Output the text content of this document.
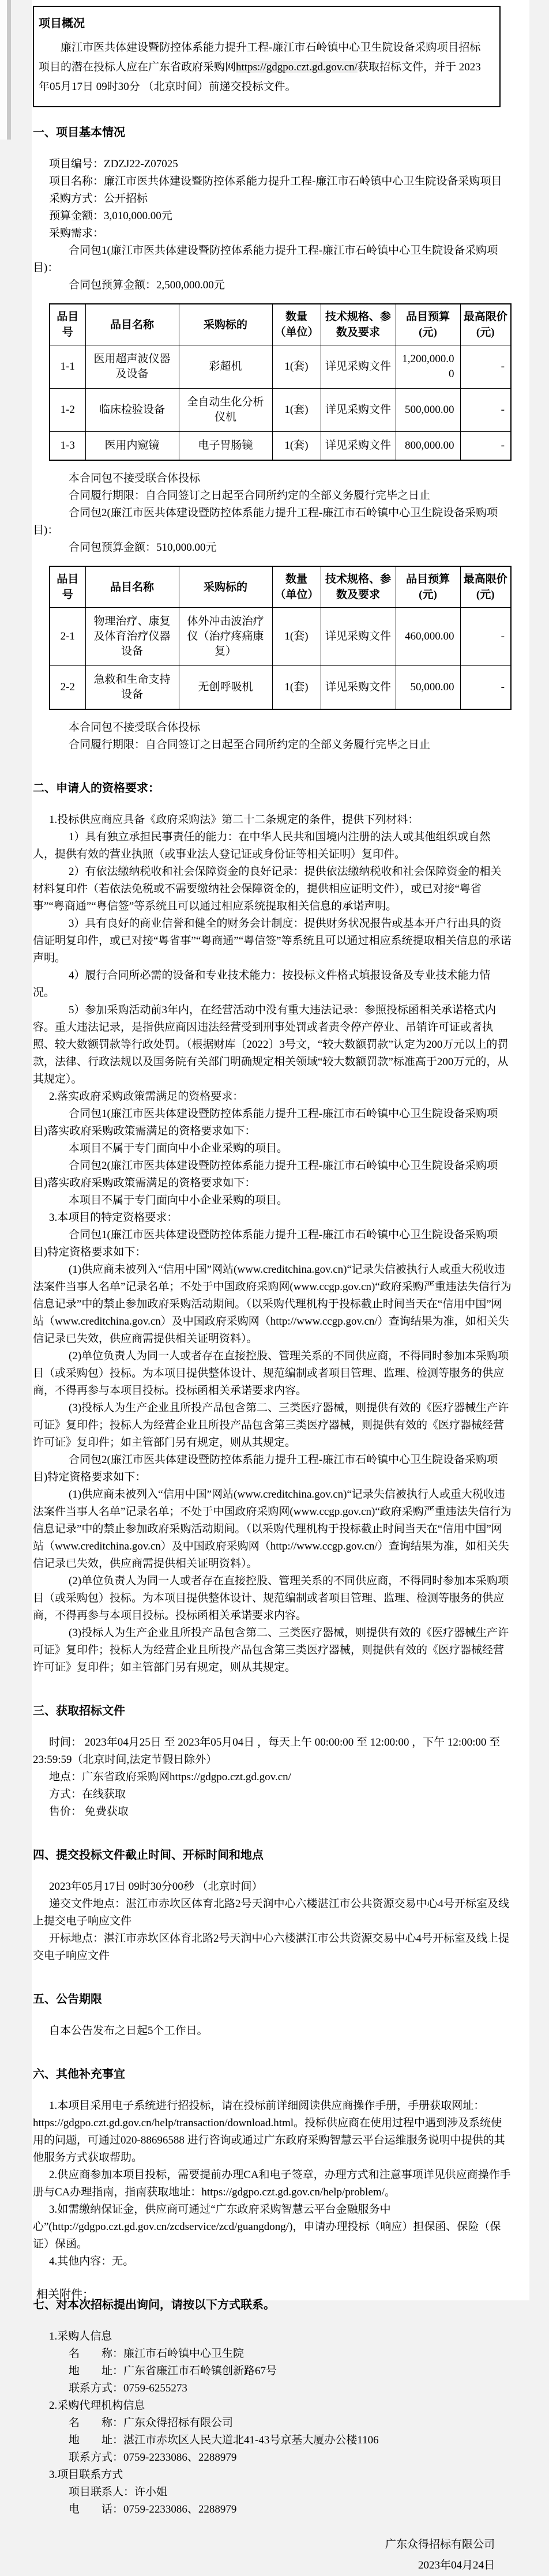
项目概况

廉江市医共体建设暨防控体系能力提升工程-廉江市石岭镇中心卫生院设备采购项目招标项目的潜在投标人应在广东省政府采购网https://gdgpo.czt.gd.gov.cn/获取招标文件，并于 2023年05月17日 09时30分 （北京时间）前递交投标文件。

一、项目基本情况

项目编号：ZDZJ22-Z07025

项目名称：廉江市医共体建设暨防控体系能力提升工程-廉江市石岭镇中心卫生院设备采购项目

采购方式：公开招标

预算金额：3,010,000.00元

采购需求：

合同包1(廉江市医共体建设暨防控体系能力提升工程-廉江市石岭镇中心卫生院设备采购项目)：

合同包预算金额：2,500,000.00元

品目号	品目名称	采购标的	数量（单位）	技术规格、参数及要求	品目预算(元)	最高限价(元)
1-1	医用超声波仪器及设备	彩超机	1(套)	详见采购文件	1,200,000.00	-
1-2	临床检验设备	全自动生化分析仪机	1(套)	详见采购文件	500,000.00	-
1-3	医用内窥镜	电子胃肠镜	1(套)	详见采购文件	800,000.00	-

本合同包不接受联合体投标

合同履行期限：自合同签订之日起至合同所约定的全部义务履行完毕之日止

合同包2(廉江市医共体建设暨防控体系能力提升工程-廉江市石岭镇中心卫生院设备采购项目)：

合同包预算金额：510,000.00元

品目号	品目名称	采购标的	数量（单位）	技术规格、参数及要求	品目预算(元)	最高限价(元)
2-1	物理治疗、康复及体育治疗仪器设备	体外冲击波治疗仪（治疗疼痛康复）	1(套)	详见采购文件	460,000.00	-
2-2	急救和生命支持设备	无创呼吸机	1(套)	详见采购文件	50,000.00	-

本合同包不接受联合体投标

合同履行期限：自合同签订之日起至合同所约定的全部义务履行完毕之日止

二、申请人的资格要求：

1.投标供应商应具备《政府采购法》第二十二条规定的条件，提供下列材料：

1）具有独立承担民事责任的能力：在中华人民共和国境内注册的法人或其他组织或自然人，提供有效的营业执照（或事业法人登记证或身份证等相关证明）复印件。

2）有依法缴纳税收和社会保障资金的良好记录：提供依法缴纳税收和社会保障资金的相关材料复印件（若依法免税或不需要缴纳社会保障资金的，提供相应证明文件），或已对接“粤省事”“粤商通”“粤信签”等系统且可以通过相应系统提取相关信息的承诺声明。

3）具有良好的商业信誉和健全的财务会计制度：提供财务状况报告或基本开户行出具的资信证明复印件，或已对接“粤省事”“粤商通”“粤信签”等系统且可以通过相应系统提取相关信息的承诺声明。

4）履行合同所必需的设备和专业技术能力：按投标文件格式填报设备及专业技术能力情况。

5）参加采购活动前3年内，在经营活动中没有重大违法记录：参照投标函相关承诺格式内容。重大违法记录，是指供应商因违法经营受到刑事处罚或者责令停产停业、吊销许可证或者执照、较大数额罚款等行政处罚。（根据财库〔2022〕3号文，“较大数额罚款”认定为200万元以上的罚款，法律、行政法规以及国务院有关部门明确规定相关领域“较大数额罚款”标准高于200万元的，从其规定）。

2.落实政府采购政策需满足的资格要求：

合同包1(廉江市医共体建设暨防控体系能力提升工程-廉江市石岭镇中心卫生院设备采购项目)落实政府采购政策需满足的资格要求如下：

本项目不属于专门面向中小企业采购的项目。

合同包2(廉江市医共体建设暨防控体系能力提升工程-廉江市石岭镇中心卫生院设备采购项目)落实政府采购政策需满足的资格要求如下：

本项目不属于专门面向中小企业采购的项目。

3.本项目的特定资格要求：

合同包1(廉江市医共体建设暨防控体系能力提升工程-廉江市石岭镇中心卫生院设备采购项目)特定资格要求如下：

(1)供应商未被列入“信用中国”网站(www.creditchina.gov.cn)“记录失信被执行人或重大税收违法案件当事人名单”记录名单；不处于中国政府采购网(www.ccgp.gov.cn)“政府采购严重违法失信行为信息记录”中的禁止参加政府采购活动期间。（以采购代理机构于投标截止时间当天在“信用中国”网站（www.creditchina.gov.cn）及中国政府采购网（http://www.ccgp.gov.cn/）查询结果为准，如相关失信记录已失效，供应商需提供相关证明资料）。

(2)单位负责人为同一人或者存在直接控股、管理关系的不同供应商，不得同时参加本采购项目（或采购包）投标。为本项目提供整体设计、规范编制或者项目管理、监理、检测等服务的供应商，不得再参与本项目投标。投标函相关承诺要求内容。

(3)投标人为生产企业且所投产品包含第二、三类医疗器械，则提供有效的《医疗器械生产许可证》复印件；投标人为经营企业且所投产品包含第三类医疗器械，则提供有效的《医疗器械经营许可证》复印件；如主管部门另有规定，则从其规定。

合同包2(廉江市医共体建设暨防控体系能力提升工程-廉江市石岭镇中心卫生院设备采购项目)特定资格要求如下：

(1)供应商未被列入“信用中国”网站(www.creditchina.gov.cn)“记录失信被执行人或重大税收违法案件当事人名单”记录名单；不处于中国政府采购网(www.ccgp.gov.cn)“政府采购严重违法失信行为信息记录”中的禁止参加政府采购活动期间。（以采购代理机构于投标截止时间当天在“信用中国”网站（www.creditchina.gov.cn）及中国政府采购网（http://www.ccgp.gov.cn/）查询结果为准，如相关失信记录已失效，供应商需提供相关证明资料）。

(2)单位负责人为同一人或者存在直接控股、管理关系的不同供应商，不得同时参加本采购项目（或采购包）投标。为本项目提供整体设计、规范编制或者项目管理、监理、检测等服务的供应商，不得再参与本项目投标。投标函相关承诺要求内容。

(3)投标人为生产企业且所投产品包含第二、三类医疗器械，则提供有效的《医疗器械生产许可证》复印件；投标人为经营企业且所投产品包含第三类医疗器械，则提供有效的《医疗器械经营许可证》复印件；如主管部门另有规定，则从其规定。

三、获取招标文件

时间： 2023年04月25日 至 2023年05月04日 ，每天上午 00:00:00 至 12:00:00 ，下午 12:00:00 至 23:59:59（北京时间,法定节假日除外）

地点：广东省政府采购网https://gdgpo.czt.gd.gov.cn/

方式：在线获取

售价： 免费获取

四、提交投标文件截止时间、开标时间和地点

2023年05月17日 09时30分00秒 （北京时间）

递交文件地点：湛江市赤坎区体育北路2号天润中心六楼湛江市公共资源交易中心4号开标室及线上提交电子响应文件

开标地点：湛江市赤坎区体育北路2号天润中心六楼湛江市公共资源交易中心4号开标室及线上提交电子响应文件

五、公告期限

自本公告发布之日起5个工作日。

六、其他补充事宜

1.本项目采用电子系统进行招投标，请在投标前详细阅读供应商操作手册，手册获取网址：https://gdgpo.czt.gd.gov.cn/help/transaction/download.html。投标供应商在使用过程中遇到涉及系统使用的问题，可通过020-88696588 进行咨询或通过广东政府采购智慧云平台运维服务说明中提供的其他服务方式获取帮助。

2.供应商参加本项目投标，需要提前办理CA和电子签章，办理方式和注意事项详见供应商操作手册与CA办理指南，指南获取地址：https://gdgpo.czt.gd.gov.cn/help/problem/。

3.如需缴纳保证金，供应商可通过“广东政府采购智慧云平台金融服务中心”(http://gdgpo.czt.gd.gov.cn/zcdservice/zcd/guangdong/)，申请办理投标（响应）担保函、保险（保证）保函。

4.其他内容：无。

七、对本次招标提出询问，请按以下方式联系。

1.采购人信息

名　　称：廉江市石岭镇中心卫生院

地　　址：广东省廉江市石岭镇创新路67号

联系方式：0759-6255273

2.采购代理机构信息

名　　称：广东众得招标有限公司

地　　址：湛江市赤坎区人民大道北41-43号京基大厦办公楼1106

联系方式：0759-2233086、2288979

3.项目联系方式

项目联系人：许小姐

电　　话：0759-2233086、2288979

广东众得招标有限公司

2023年04月24日

相关附件：
